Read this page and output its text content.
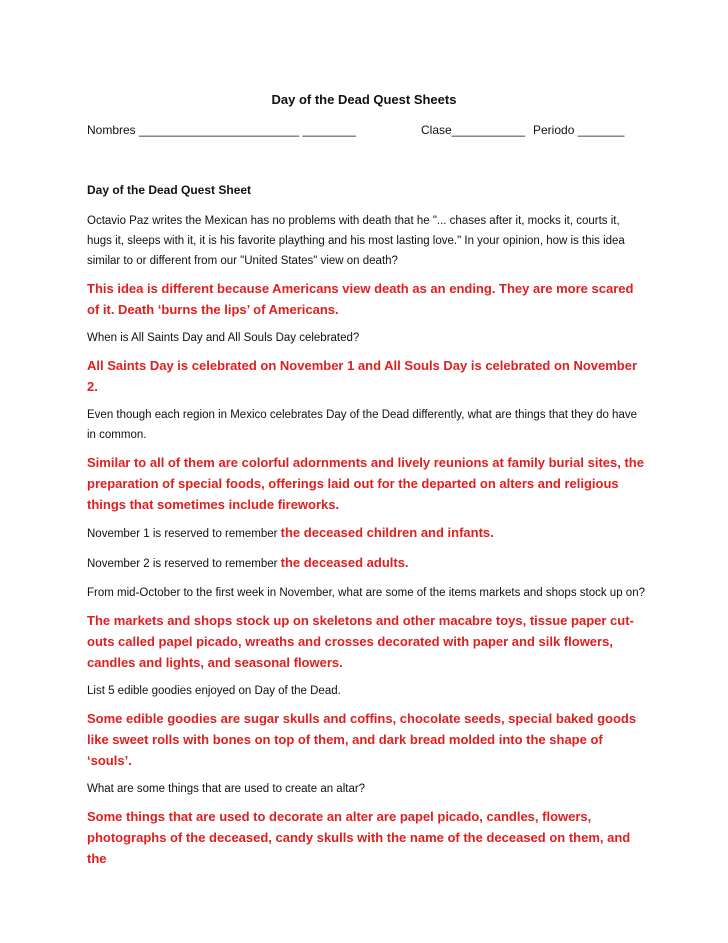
Day of the Dead Quest Sheets
Nombres ________________________ ________	Clase___________ Periodo _______

Day of the Dead Quest Sheet

Octavio Paz writes the Mexican has no problems with death that he "... chases after it, mocks it, courts it, hugs it, sleeps with it, it is his favorite plaything and his most lasting love." In your opinion, how is this idea similar to or different from our "United States" view on death?

This idea is different because Americans view death as an ending. They are more scared of it. Death ‘burns the lips’ of Americans.

When is All Saints Day and All Souls Day celebrated?

All Saints Day is celebrated on November 1 and All Souls Day is celebrated on November 2.

Even though each region in Mexico celebrates Day of the Dead differently, what are things that they do have in common.

Similar to all of them are colorful adornments and lively reunions at family burial sites, the preparation of special foods, offerings laid out for the departed on alters and religious things that sometimes include fireworks.

November 1 is reserved to remember the deceased children and infants.

November 2 is reserved to remember the deceased adults.

From mid-October to the first week in November, what are some of the items markets and shops stock up on?

The markets and shops stock up on skeletons and other macabre toys, tissue paper cut-outs called papel picado, wreaths and crosses decorated with paper and silk flowers, candles and lights, and seasonal flowers.

List 5 edible goodies enjoyed on Day of the Dead.

Some edible goodies are sugar skulls and coffins, chocolate seeds, special baked goods like sweet rolls with bones on top of them, and dark bread molded into the shape of ‘souls’.

What are some things that are used to create an altar?

Some things that are used to decorate an alter are papel picado, candles, flowers, photographs of the deceased, candy skulls with the name of the deceased on them, and the
